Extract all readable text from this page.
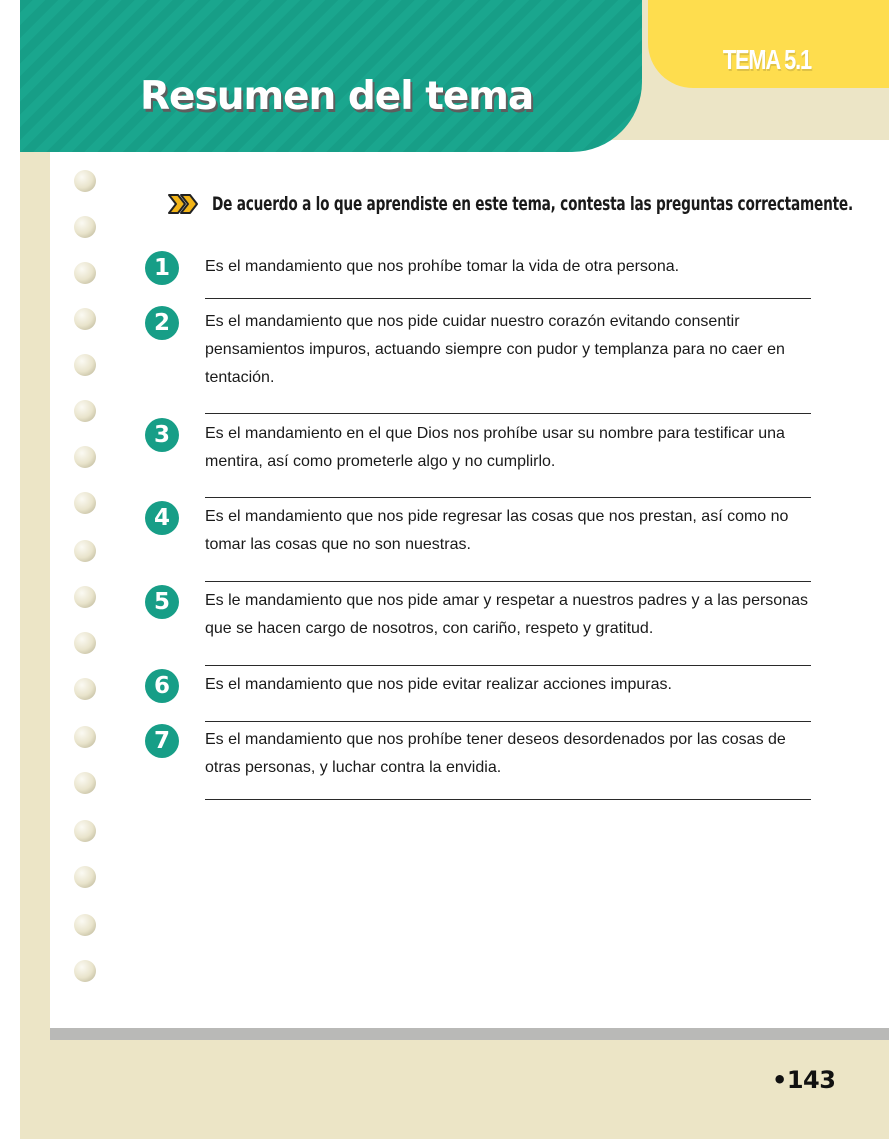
Resumen del tema
TEMA 5.1
De acuerdo a lo que aprendiste en este tema, contesta las preguntas correctamente.
1	Es el mandamiento que nos prohíbe tomar la vida de otra persona.
2	Es el mandamiento que nos pide cuidar nuestro corazón evitando consentir pensamientos impuros, actuando siempre con pudor y templanza para no caer en tentación.
3	Es el mandamiento en el que Dios nos prohíbe usar su nombre para testificar una mentira, así como prometerle algo y no cumplirlo.
4	Es el mandamiento que nos pide regresar las cosas que nos prestan, así como no tomar las cosas que no son nuestras.
5	Es le mandamiento que nos pide amar y respetar a nuestros padres y a las personas que se hacen cargo de nosotros, con cariño, respeto y gratitud.
6	Es el mandamiento que nos pide evitar realizar acciones impuras.
7	Es el mandamiento que nos prohíbe tener deseos desordenados por las cosas de otras personas, y luchar contra la envidia.
•143
